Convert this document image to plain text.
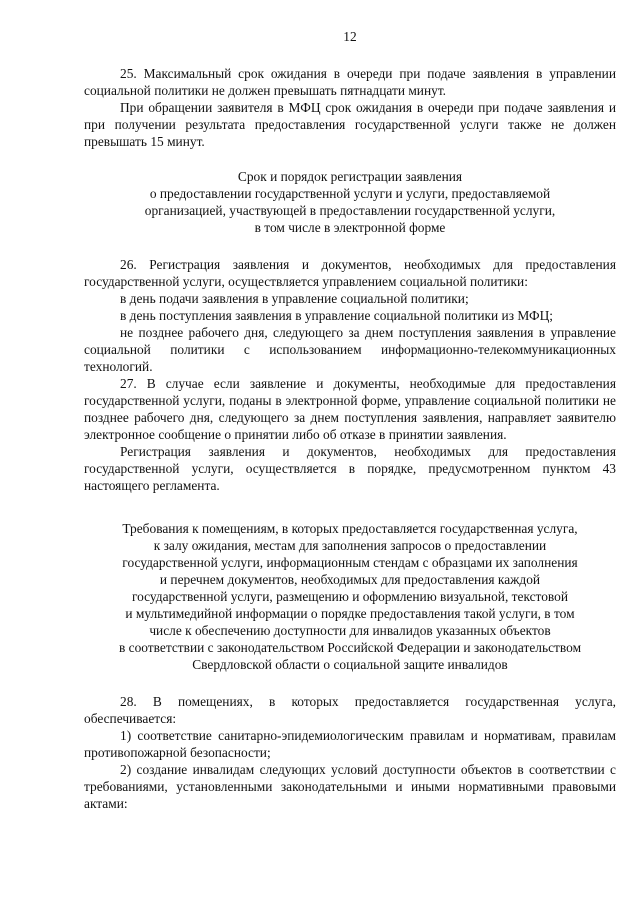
12

25. Максимальный срок ожидания в очереди при подаче заявления в управлении социальной политики не должен превышать пятнадцати минут.

При обращении заявителя в МФЦ срок ожидания в очереди при подаче заявления и при получении результата предоставления государственной услуги также не должен превышать 15 минут.

Срок и порядок регистрации заявления
о предоставлении государственной услуги и услуги, предоставляемой
организацией, участвующей в предоставлении государственной услуги,
в том числе в электронной форме

26. Регистрация заявления и документов, необходимых для предоставления государственной услуги, осуществляется управлением социальной политики:

в день подачи заявления в управление социальной политики;

в день поступления заявления в управление социальной политики из МФЦ;

не позднее рабочего дня, следующего за днем поступления заявления в управление социальной политики с использованием информационно-телекоммуникационных технологий.

27. В случае если заявление и документы, необходимые для предоставления государственной услуги, поданы в электронной форме, управление социальной политики не позднее рабочего дня, следующего за днем поступления заявления, направляет заявителю электронное сообщение о принятии либо об отказе в принятии заявления.

Регистрация заявления и документов, необходимых для предоставления государственной услуги, осуществляется в порядке, предусмотренном пунктом 43 настоящего регламента.

Требования к помещениям, в которых предоставляется государственная услуга,
к залу ожидания, местам для заполнения запросов о предоставлении
государственной услуги, информационным стендам с образцами их заполнения
и перечнем документов, необходимых для предоставления каждой
государственной услуги, размещению и оформлению визуальной, текстовой
и мультимедийной информации о порядке предоставления такой услуги, в том
числе к обеспечению доступности для инвалидов указанных объектов
в соответствии с законодательством Российской Федерации и законодательством
Свердловской области о социальной защите инвалидов

28. В помещениях, в которых предоставляется государственная услуга, обеспечивается:

1) соответствие санитарно-эпидемиологическим правилам и нормативам, правилам противопожарной безопасности;

2) создание инвалидам следующих условий доступности объектов в соответствии с требованиями, установленными законодательными и иными нормативными правовыми актами:
